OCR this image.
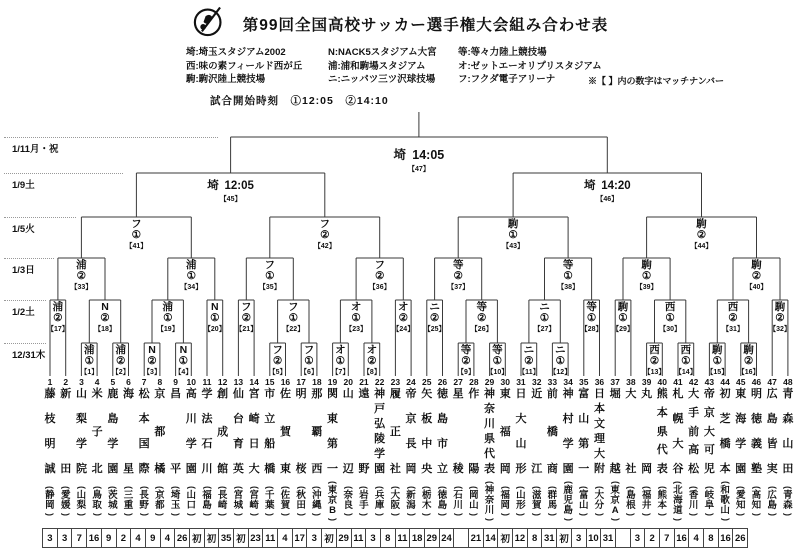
第99回全国高校サッカー選手権大会組み合わせ表
埼:埼玉スタジアム2002
西:味の素フィールド西が丘
駒:駒沢陸上競技場
N:NACK5スタジアム大宮
浦:浦和駒場スタジアム
ニ:ニッパツ三ツ沢球技場
等:等々力陸上競技場
オ:ゼットエーオリプリスタジアム
フ:フクダ電子アリーナ	※【 】内の数字はマッチナンバー
試合開始時刻　①12:05　②14:10
1/11月・祝
1/9土
1/5火
1/3日
1/2土
12/31木	浦
①
【1】
浦
②
【2】
N
②
【3】
N
①
【4】
フ
②
【5】
フ
①
【6】
オ
①
【7】
オ
②
【8】
等
②
【9】
等
①
【10】
ニ
②
【11】
ニ
①
【12】
西
②
【13】
西
①
【14】
駒
①
【15】
駒
②
【16】
浦
②
【17】
N
②
【18】
浦
①
【19】
N
①
【20】
フ
②
【21】
フ
①
【22】
オ
①
【23】
オ
②
【24】
ニ
②
【25】
等
②
【26】
ニ
①
【27】
等
①
【28】
駒
①
【29】
西
①
【30】
西
②
【31】
駒
②
【32】
浦
②
【33】
浦
①
【34】
フ
①
【35】
フ
②
【36】
等
②
【37】
等
①
【38】
駒
①
【39】
駒
②
【40】
フ
①
【41】
フ
②
【42】
駒
①
【43】
駒
②
【44】
埼 12:05
【45】
埼 14:20
【46】
埼 14:05
【47】
1
藤
枝
明
誠
(
静
岡
)
2
新
田
(
愛
媛
)
3
山
梨
学
院
(
山
梨
)
4
米
子
北
(
鳥
取
)
5
鹿
島
学
園
(
茨
城
)
6
海
星
(
三
重
)
7
松
本
国
際
(
長
野
)
8
京
都
橘
(
京
都
)
9
昌
平
(
埼
玉
)
10
高
川
学
園
(
山
口
)
11
学
法
石
川
(
福
島
)
12
創
成
館
(
長
崎
)
13
仙
台
育
英
(
宮
城
)
14
宮
崎
日
大
(
宮
崎
)
15
市
立
船
橋
(
千
葉
)
16
佐
賀
東
(
佐
賀
)
17
明
桜
(
秋
田
)
18
那
覇
西
(
沖
縄
)
19
関
東
第
一
(
東
京
B
)
20
山
辺
(
奈
良
)
21
遠
野
(
岩
手
)
22
神
戸
弘
陵
学
園
(
兵
庫
)
23
履
正
社
(
大
阪
)
24
帝
京
長
岡
(
新
潟
)
25
矢
板
中
央
(
栃
木
)
26
徳
島
市
立
(
徳
島
)
27
星
稜
(
石
川
)
28
作
陽
(
岡
山
)
29
神
奈
川
県
代
表
(
神
奈
川
)
30
東
福
岡
(
福
岡
)
31
日
大
山
形
(
山
形
)
32
近
江
(
滋
賀
)
33
前
橋
商
(
群
馬
)
34
神
村
学
園
(
鹿
児
島
)
35
富
山
第
一
(
富
山
)
36
日
本
文
理
大
附
(
大
分
)
37
堀
越
(
東
京
A
)
38
大
社
(
島
根
)
39
丸
岡
(
福
井
)
40
熊
本
県
代
表
(
熊
本
)
41
札
幌
大
谷
(
北
海
道
)
42
大
手
前
高
松
(
香
川
)
43
帝
京
大
可
児
(
岐
阜
)
44
初
芝
橋
本
(
和
歌
山
)
45
東
海
学
園
(
愛
知
)
46
明
徳
義
塾
(
高
知
)
47
広
島
皆
実
(
広
島
)
48
青
森
山
田
(
青
森
)
3 3 7 16 9 2 4 9 4 26 初 初 35 初 23 11 4 17 3 初 29 11 3 8 11 18 29 24 21 14 初 12 8 31 初 3 10 31	3 2 7 16 4 8 16 26
